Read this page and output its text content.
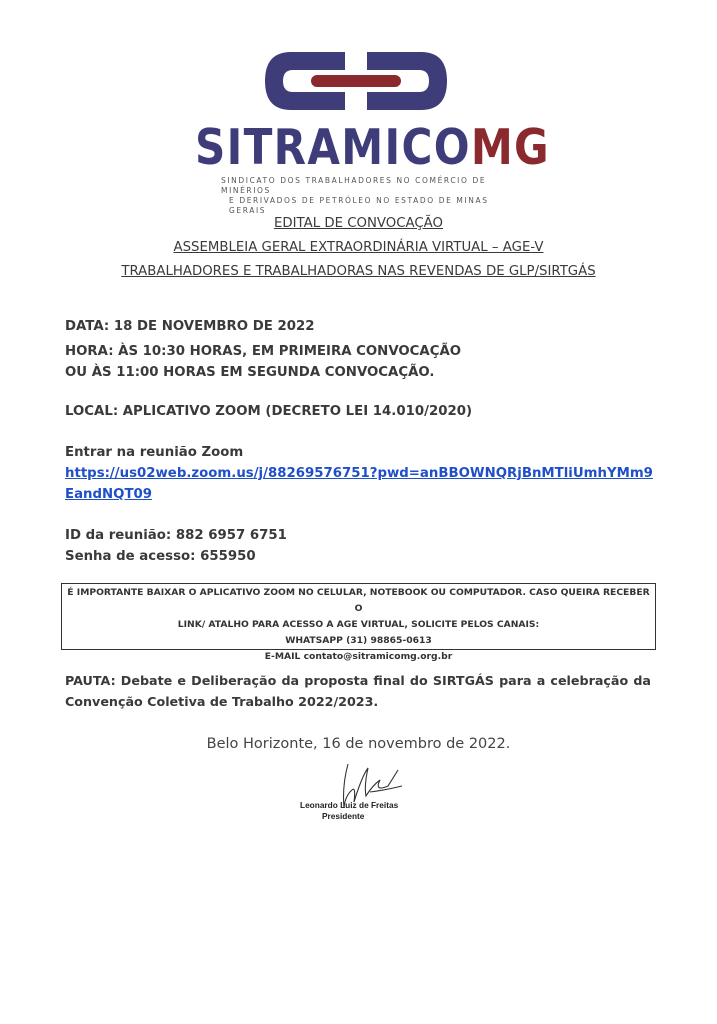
SITRAMICOMG
SINDICATO DOS TRABALHADORES NO COMÉRCIO DE MINÉRIOS
E DERIVADOS DE PETRÓLEO NO ESTADO DE MINAS GERAIS
EDITAL DE CONVOCAÇÃO
ASSEMBLEIA GERAL EXTRAORDINÁRIA VIRTUAL – AGE-V
TRABALHADORES E TRABALHADORAS NAS REVENDAS DE GLP/SIRTGÁS
DATA: 18 DE NOVEMBRO DE 2022
HORA: ÀS 10:30 HORAS, EM PRIMEIRA CONVOCAÇÃO
OU ÀS 11:00 HORAS EM SEGUNDA CONVOCAÇÃO.
LOCAL: APLICATIVO ZOOM (DECRETO LEI 14.010/2020)
Entrar na reunião Zoom
https://us02web.zoom.us/j/88269576751?pwd=anBBOWNQRjBnMTliUmhYMm9EandNQT09
ID da reunião: 882 6957 6751
Senha de acesso: 655950
É IMPORTANTE BAIXAR O APLICATIVO ZOOM NO CELULAR, NOTEBOOK OU COMPUTADOR. CASO QUEIRA RECEBER O
LINK/ ATALHO PARA ACESSO A AGE VIRTUAL, SOLICITE PELOS CANAIS:
WHATSAPP (31) 98865-0613
E-MAIL contato@sitramicomg.org.br
PAUTA: Debate e Deliberação da proposta final do SIRTGÁS para a celebração da Convenção Coletiva de Trabalho 2022/2023.
Belo Horizonte, 16 de novembro de 2022.
Leonardo Luiz de Freitas
Presidente
